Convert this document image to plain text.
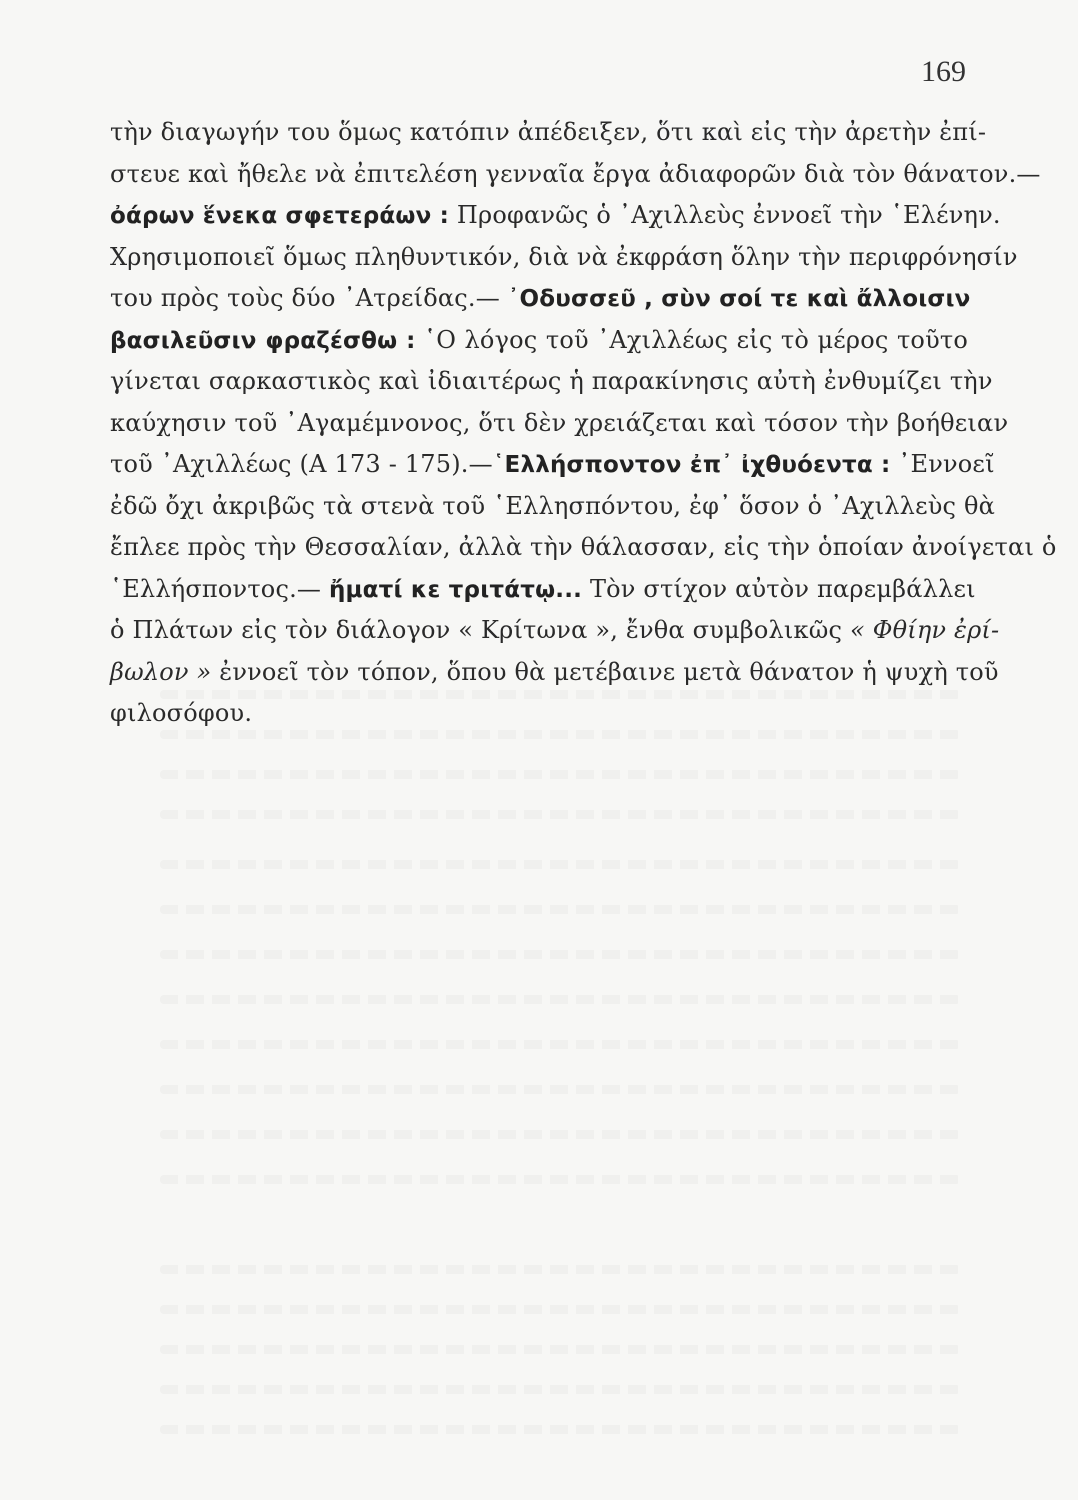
169
τὴν διαγωγήν του ὅμως κατόπιν ἀπέδειξεν, ὅτι καὶ εἰς τὴν ἀρετὴν ἐπί-
στευε καὶ ἤθελε νὰ ἐπιτελέση γενναῖα ἔργα ἀδιαφορῶν διὰ τὸν θάνατον.—
ὀάρων ἕνεκα σφετεράων : Προφανῶς ὁ ᾿Αχιλλεὺς ἐννοεῖ τὴν ῾Ελένην.
Χρησιμοποιεῖ ὅμως πληθυντικόν, διὰ νὰ ἐκφράση ὅλην τὴν περιφρόνησίν
του πρὸς τοὺς δύο ᾿Ατρείδας.— ᾿Οδυσσεῦ , σὺν σοί τε καὶ ἄλλοισιν
βασιλεῦσιν φραζέσθω : ῾Ο λόγος τοῦ ᾿Αχιλλέως εἰς τὸ μέρος τοῦτο
γίνεται σαρκαστικὸς καὶ ἰδιαιτέρως ἡ παρακίνησις αὐτὴ ἐνθυμίζει τὴν
καύχησιν τοῦ ᾿Αγαμέμνονος, ὅτι δὲν χρειάζεται καὶ τόσον τὴν βοήθειαν
τοῦ ᾿Αχιλλέως (Α 173 - 175).—῾Ελλήσποντον ἐπ᾿ ἰχθυόεντα : ᾿Εννοεῖ
ἐδῶ ὄχι ἀκριβῶς τὰ στενὰ τοῦ ῾Ελλησπόντου, ἐφ᾿ ὅσον ὁ ᾿Αχιλλεὺς θὰ
ἔπλεε πρὸς τὴν Θεσσαλίαν, ἀλλὰ τὴν θάλασσαν, εἰς τὴν ὁποίαν ἀνοίγεται ὁ
῾Ελλήσποντος.— ἤματί κε τριτάτῳ... Τὸν στίχον αὐτὸν παρεμβάλλει
ὁ Πλάτων εἰς τὸν διάλογον « Κρίτωνα », ἔνθα συμβολικῶς « Φθίην ἐρί-
βωλον » ἐννοεῖ τὸν τόπον, ὅπου θὰ μετέβαινε μετὰ θάνατον ἡ ψυχὴ τοῦ
φιλοσόφου.
